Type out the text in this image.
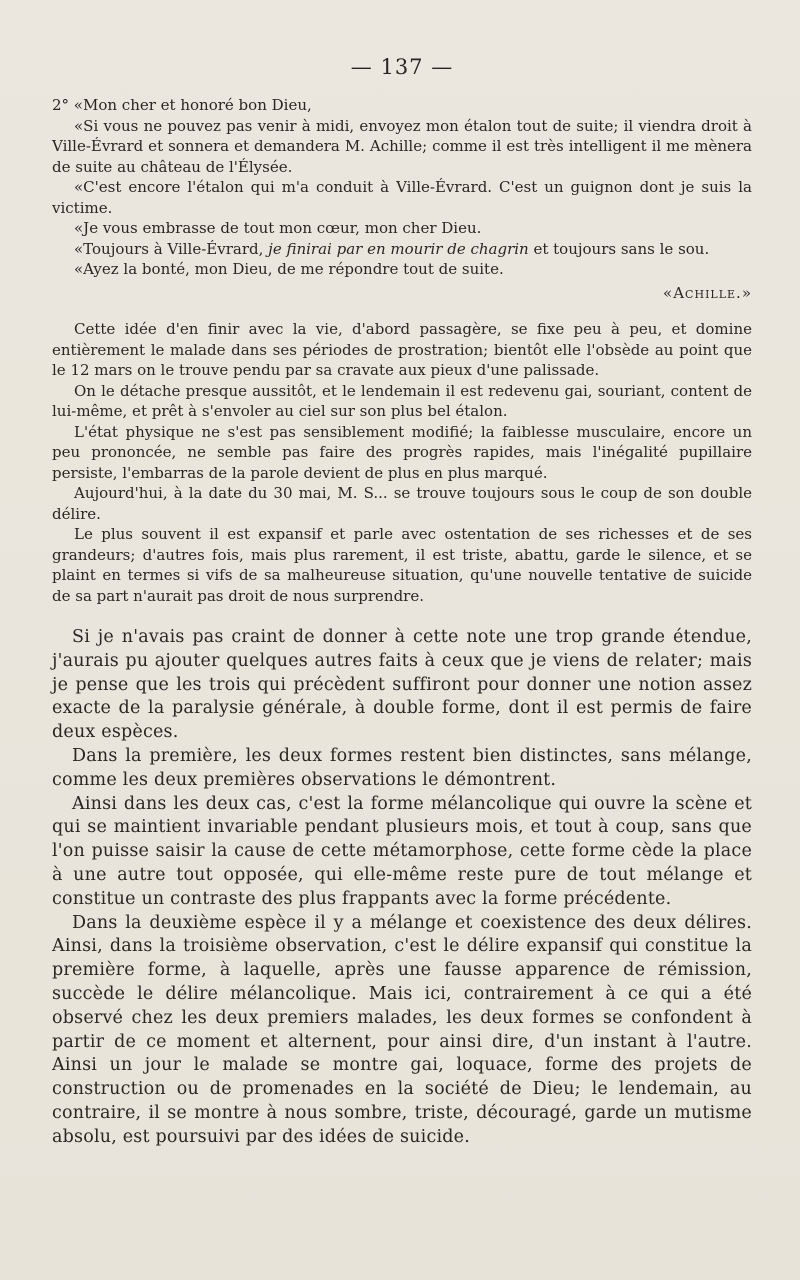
— 137 —

2° «Mon cher et honoré bon Dieu,

«Si vous ne pouvez pas venir à midi, envoyez mon étalon tout de suite; il viendra droit à Ville-Évrard et sonnera et demandera M. Achille; comme il est très intelligent il me mènera de suite au château de l'Élysée.

«C'est encore l'étalon qui m'a conduit à Ville-Évrard. C'est un guignon dont je suis la victime.

«Je vous embrasse de tout mon cœur, mon cher Dieu.

«Toujours à Ville-Évrard, je finirai par en mourir de chagrin et toujours sans le sou.

«Ayez la bonté, mon Dieu, de me répondre tout de suite.

«Achille.»

Cette idée d'en finir avec la vie, d'abord passagère, se fixe peu à peu, et domine entièrement le malade dans ses périodes de prostration; bientôt elle l'obsède au point que le 12 mars on le trouve pendu par sa cravate aux pieux d'une palissade.

On le détache presque aussitôt, et le lendemain il est redevenu gai, souriant, content de lui-même, et prêt à s'envoler au ciel sur son plus bel étalon.

L'état physique ne s'est pas sensiblement modifié; la faiblesse musculaire, encore un peu prononcée, ne semble pas faire des progrès rapides, mais l'inégalité pupillaire persiste, l'embarras de la parole devient de plus en plus marqué.

Aujourd'hui, à la date du 30 mai, M. S... se trouve toujours sous le coup de son double délire.

Le plus souvent il est expansif et parle avec ostentation de ses richesses et de ses grandeurs; d'autres fois, mais plus rarement, il est triste, abattu, garde le silence, et se plaint en termes si vifs de sa malheureuse situation, qu'une nouvelle tentative de suicide de sa part n'aurait pas droit de nous surprendre.

Si je n'avais pas craint de donner à cette note une trop grande étendue, j'aurais pu ajouter quelques autres faits à ceux que je viens de relater; mais je pense que les trois qui précèdent suffiront pour donner une notion assez exacte de la paralysie générale, à double forme, dont il est permis de faire deux espèces.

Dans la première, les deux formes restent bien distinctes, sans mélange, comme les deux premières observations le démontrent.

Ainsi dans les deux cas, c'est la forme mélancolique qui ouvre la scène et qui se maintient invariable pendant plusieurs mois, et tout à coup, sans que l'on puisse saisir la cause de cette métamorphose, cette forme cède la place à une autre tout opposée, qui elle-même reste pure de tout mélange et constitue un contraste des plus frappants avec la forme précédente.

Dans la deuxième espèce il y a mélange et coexistence des deux délires. Ainsi, dans la troisième observation, c'est le délire expansif qui constitue la première forme, à laquelle, après une fausse apparence de rémission, succède le délire mélancolique. Mais ici, contrairement à ce qui a été observé chez les deux premiers malades, les deux formes se confondent à partir de ce moment et alternent, pour ainsi dire, d'un instant à l'autre. Ainsi un jour le malade se montre gai, loquace, forme des projets de construction ou de promenades en la société de Dieu; le lendemain, au contraire, il se montre à nous sombre, triste, découragé, garde un mutisme absolu, est poursuivi par des idées de suicide.
